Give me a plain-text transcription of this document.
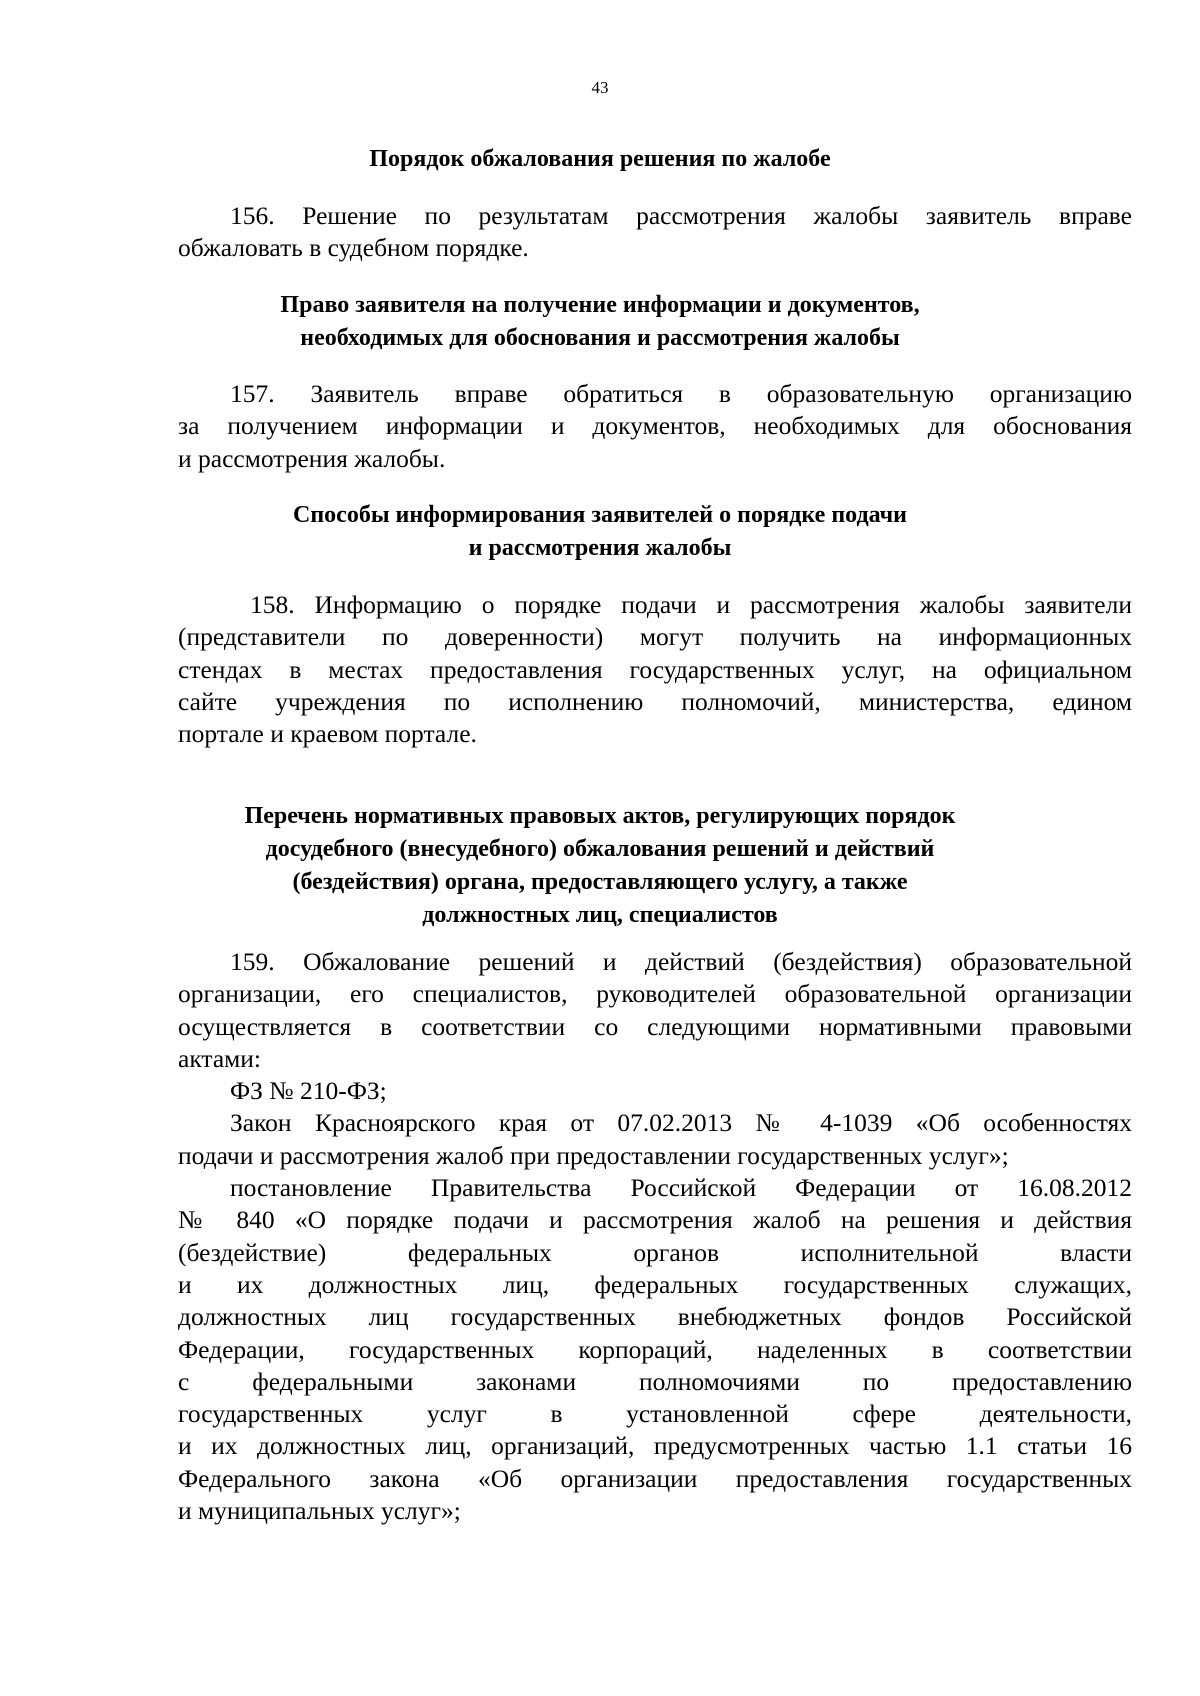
43
Порядок обжалования решения по жалобе
156. Решение по результатам рассмотрения жалобы заявитель вправе
обжаловать в судебном порядке.
Право заявителя на получение информации и документов,
необходимых для обоснования и рассмотрения жалобы
157. Заявитель вправе обратиться в образовательную организацию
за получением информации и документов, необходимых для обоснования
и рассмотрения жалобы.
Способы информирования заявителей о порядке подачи
и рассмотрения жалобы
158. Информацию о порядке подачи и рассмотрения жалобы заявители
(представители по доверенности) могут получить на информационных
стендах в местах предоставления государственных услуг, на официальном
сайте учреждения по исполнению полномочий, министерства, едином
портале и краевом портале.
Перечень нормативных правовых актов, регулирующих порядок
досудебного (внесудебного) обжалования решений и действий
(бездействия) органа, предоставляющего услугу, а также
должностных лиц, специалистов
159. Обжалование решений и действий (бездействия) образовательной
организации, его специалистов, руководителей образовательной организации
осуществляется в соответствии со следующими нормативными правовыми
актами:
ФЗ № 210-ФЗ;
Закон Красноярского края от 07.02.2013 № 4-1039 «Об особенностях
подачи и рассмотрения жалоб при предоставлении государственных услуг»;
постановление Правительства Российской Федерации от 16.08.2012
№ 840 «О порядке подачи и рассмотрения жалоб на решения и действия
(бездействие) федеральных органов исполнительной власти
и их должностных лиц, федеральных государственных служащих,
должностных лиц государственных внебюджетных фондов Российской
Федерации, государственных корпораций, наделенных в соответствии
с федеральными законами полномочиями по предоставлению
государственных услуг в установленной сфере деятельности,
и их должностных лиц, организаций, предусмотренных частью 1.1 статьи 16
Федерального закона «Об организации предоставления государственных
и муниципальных услуг»;
